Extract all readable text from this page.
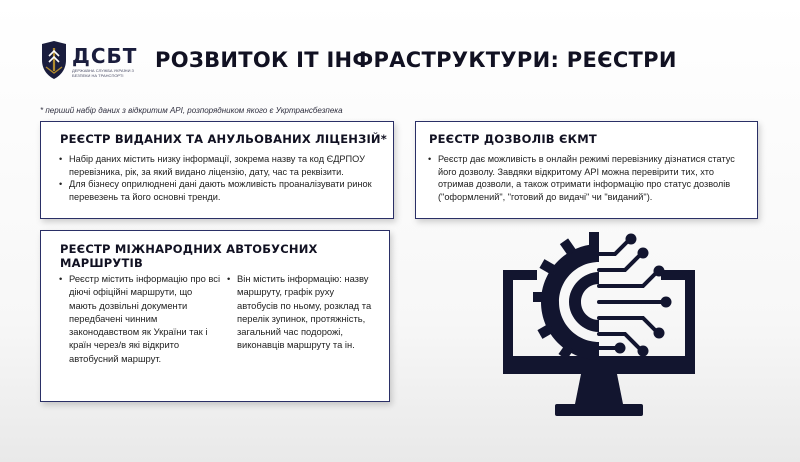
ДСБТ
ДЕРЖАВНА СЛУЖБА УКРАЇНИ З БЕЗПЕКИ НА ТРАНСПОРТІ
РОЗВИТОК ІТ ІНФРАСТРУКТУРИ: РЕЄСТРИ
* перший набір даних з відкритим API, розпорядником якого є Укртрансбезпека
РЕЄСТР ВИДАНИХ ТА АНУЛЬОВАНИХ ЛІЦЕНЗІЙ*
• Набір даних містить низку інформації, зокрема назву та код ЄДРПОУ перевізника, рік, за який видано ліцензію, дату, час та реквізити.
• Для бізнесу оприлюднені дані дають можливість проаналізувати ринок перевезень та його основні тренди.
РЕЄСТР ДОЗВОЛІВ ЄКМТ
• Реєстр дає можливість в онлайн режимі перевізнику дізнатися статус його дозволу. Завдяки відкритому API можна перевірити тих, хто отримав дозволи, а також отримати інформацію про статус дозволів ("оформлений", "готовий до видачі" чи "виданий").
РЕЄСТР МІЖНАРОДНИХ АВТОБУСНИХ МАРШРУТІВ
• Реєстр містить інформацію про всі діючі офіційні маршрути, що мають дозвільні документи передбачені чинним законодавством як України так і країн через/в які відкрито автобусний маршрут.
• Він містить інформацію: назву маршруту, графік руху автобусів по ньому, розклад та перелік зупинок, протяжність, загальний час подорожі, виконавців маршруту та ін.
